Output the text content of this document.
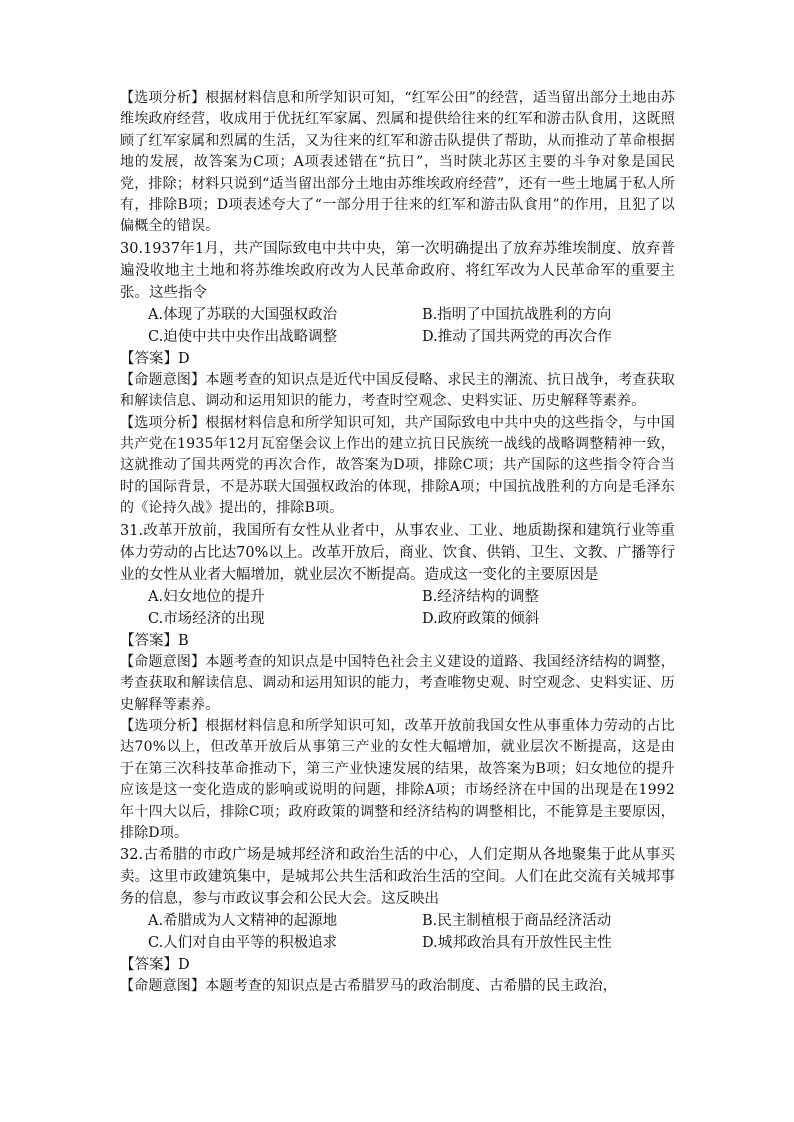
【选项分析】根据材料信息和所学知识可知，“红军公田”的经营，适当留出部分土地由苏维埃政府经营，收成用于优抚红军家属、烈属和提供给往来的红军和游击队食用，这既照顾了红军家属和烈属的生活，又为往来的红军和游击队提供了帮助，从而推动了革命根据地的发展，故答案为C项；A项表述错在“抗日”，当时陕北苏区主要的斗争对象是国民党，排除；材料只说到“适当留出部分土地由苏维埃政府经营”，还有一些土地属于私人所有，排除B项；D项表述夸大了“一部分用于往来的红军和游击队食用”的作用，且犯了以偏概全的错误。

30.1937年1月，共产国际致电中共中央，第一次明确提出了放弃苏维埃制度、放弃普遍没收地主土地和将苏维埃政府改为人民革命政府、将红军改为人民革命军的重要主张。这些指令

A.体现了苏联的大国强权政治	B.指明了中国抗战胜利的方向
C.迫使中共中央作出战略调整	D.推动了国共两党的再次合作

【答案】D

【命题意图】本题考查的知识点是近代中国反侵略、求民主的潮流、抗日战争，考查获取和解读信息、调动和运用知识的能力，考查时空观念、史料实证、历史解释等素养。

【选项分析】根据材料信息和所学知识可知，共产国际致电中共中央的这些指令，与中国共产党在1935年12月瓦窑堡会议上作出的建立抗日民族统一战线的战略调整精神一致，这就推动了国共两党的再次合作，故答案为D项，排除C项；共产国际的这些指令符合当时的国际背景，不是苏联大国强权政治的体现，排除A项；中国抗战胜利的方向是毛泽东的《论持久战》提出的，排除B项。

31.改革开放前，我国所有女性从业者中，从事农业、工业、地质勘探和建筑行业等重体力劳动的占比达70%以上。改革开放后，商业、饮食、供销、卫生、文教、广播等行业的女性从业者大幅增加，就业层次不断提高。造成这一变化的主要原因是

A.妇女地位的提升	B.经济结构的调整
C.市场经济的出现	D.政府政策的倾斜

【答案】B

【命题意图】本题考查的知识点是中国特色社会主义建设的道路、我国经济结构的调整，考查获取和解读信息、调动和运用知识的能力，考查唯物史观、时空观念、史料实证、历史解释等素养。

【选项分析】根据材料信息和所学知识可知，改革开放前我国女性从事重体力劳动的占比达70%以上，但改革开放后从事第三产业的女性大幅增加，就业层次不断提高，这是由于在第三次科技革命推动下，第三产业快速发展的结果，故答案为B项；妇女地位的提升应该是这一变化造成的影响或说明的问题，排除A项；市场经济在中国的出现是在1992年十四大以后，排除C项；政府政策的调整和经济结构的调整相比，不能算是主要原因，排除D项。

32.古希腊的市政广场是城邦经济和政治生活的中心，人们定期从各地聚集于此从事买卖。这里市政建筑集中，是城邦公共生活和政治生活的空间。人们在此交流有关城邦事务的信息，参与市政议事会和公民大会。这反映出

A.希腊成为人文精神的起源地	B.民主制植根于商品经济活动
C.人们对自由平等的积极追求	D.城邦政治具有开放性民主性

【答案】D

【命题意图】本题考查的知识点是古希腊罗马的政治制度、古希腊的民主政治，
